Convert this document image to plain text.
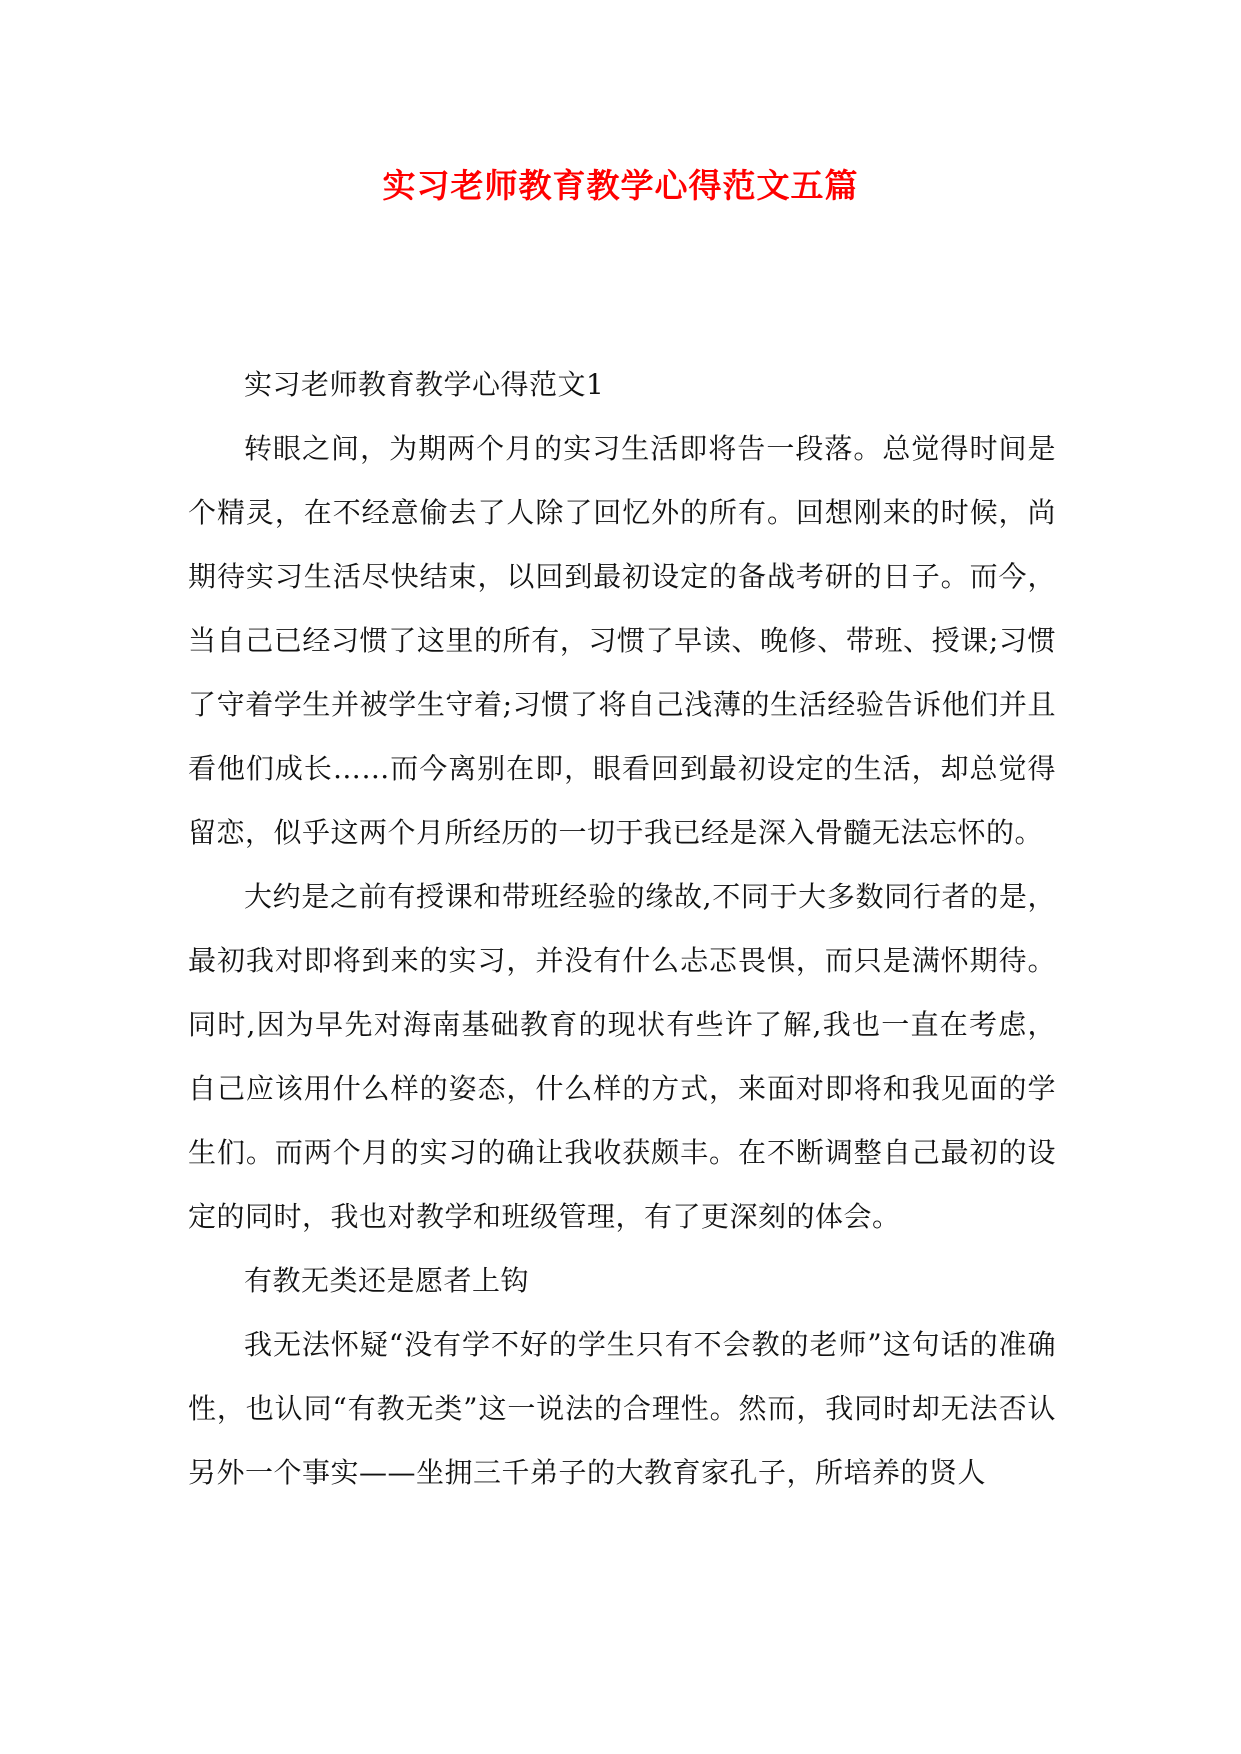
实习老师教育教学心得范文五篇

实习老师教育教学心得范文1

转眼之间，为期两个月的实习生活即将告一段落。总觉得时间是个精灵，在不经意偷去了人除了回忆外的所有。回想刚来的时候，尚期待实习生活尽快结束，以回到最初设定的备战考研的日子。而今，当自己已经习惯了这里的所有，习惯了早读、晚修、带班、授课;习惯了守着学生并被学生守着;习惯了将自己浅薄的生活经验告诉他们并且看他们成长……而今离别在即，眼看回到最初设定的生活，却总觉得留恋，似乎这两个月所经历的一切于我已经是深入骨髓无法忘怀的。

大约是之前有授课和带班经验的缘故,不同于大多数同行者的是，最初我对即将到来的实习，并没有什么忐忑畏惧，而只是满怀期待。同时,因为早先对海南基础教育的现状有些许了解,我也一直在考虑，自己应该用什么样的姿态，什么样的方式，来面对即将和我见面的学生们。而两个月的实习的确让我收获颇丰。在不断调整自己最初的设定的同时，我也对教学和班级管理，有了更深刻的体会。

有教无类还是愿者上钩

我无法怀疑“没有学不好的学生只有不会教的老师”这句话的准确性，也认同“有教无类”这一说法的合理性。然而，我同时却无法否认另外一个事实——坐拥三千弟子的大教育家孔子，所培养的贤人
